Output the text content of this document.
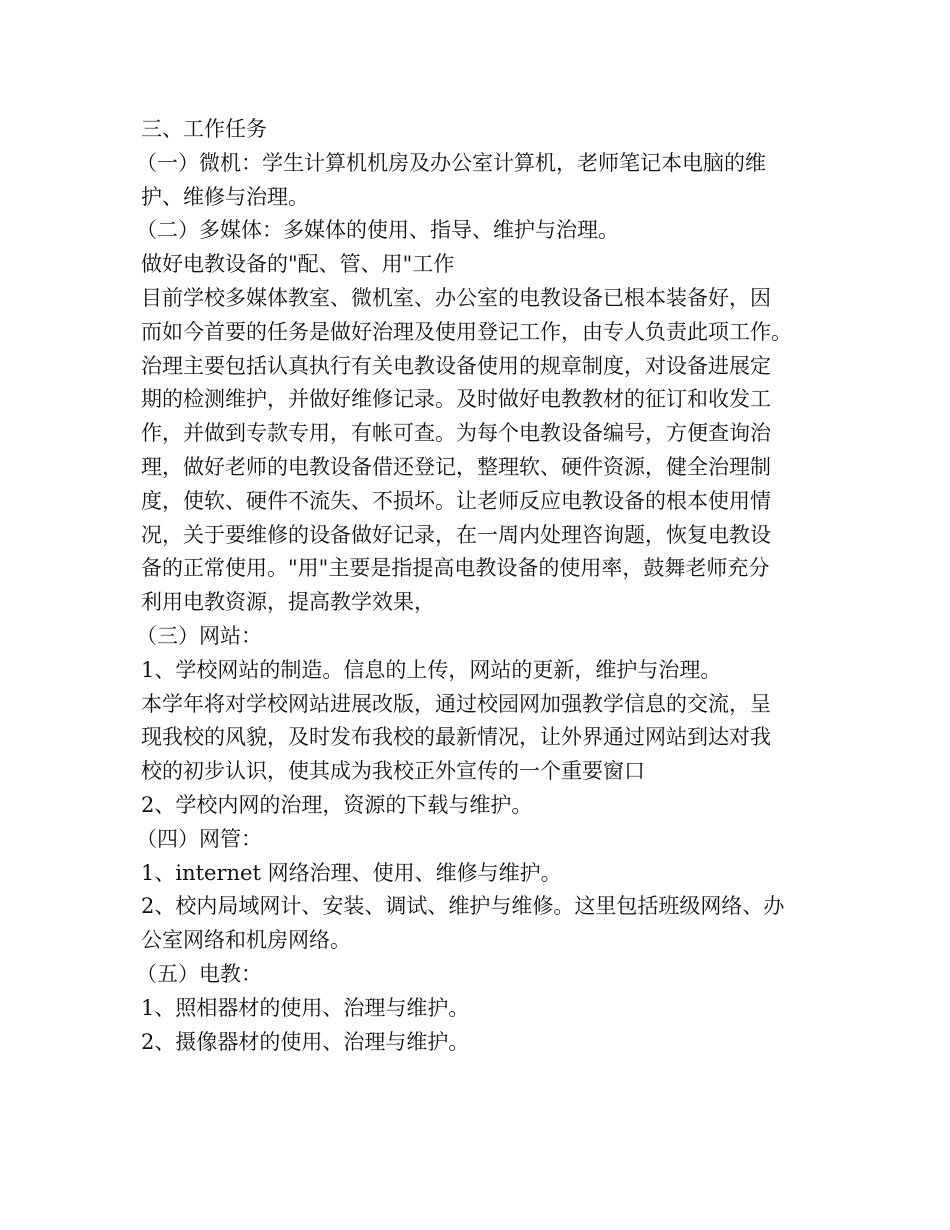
三、工作任务
（一）微机：学生计算机机房及办公室计算机，老师笔记本电脑的维
护、维修与治理。
（二）多媒体：多媒体的使用、指导、维护与治理。
做好电教设备的"配、管、用"工作
目前学校多媒体教室、微机室、办公室的电教设备已根本装备好，因
而如今首要的任务是做好治理及使用登记工作，由专人负责此项工作。
治理主要包括认真执行有关电教设备使用的规章制度，对设备进展定
期的检测维护，并做好维修记录。及时做好电教教材的征订和收发工
作，并做到专款专用，有帐可查。为每个电教设备编号，方便查询治
理，做好老师的电教设备借还登记，整理软、硬件资源，健全治理制
度，使软、硬件不流失、不损坏。让老师反应电教设备的根本使用情
况，关于要维修的设备做好记录，在一周内处理咨询题，恢复电教设
备的正常使用。"用"主要是指提高电教设备的使用率，鼓舞老师充分
利用电教资源，提高教学效果，
（三）网站：
1、学校网站的制造。信息的上传，网站的更新，维护与治理。
本学年将对学校网站进展改版，通过校园网加强教学信息的交流，呈
现我校的风貌，及时发布我校的最新情况，让外界通过网站到达对我
校的初步认识，使其成为我校正外宣传的一个重要窗口
2、学校内网的治理，资源的下载与维护。
（四）网管：
1、internet 网络治理、使用、维修与维护。
2、校内局域网计、安装、调试、维护与维修。这里包括班级网络、办
公室网络和机房网络。
（五）电教：
1、照相器材的使用、治理与维护。
2、摄像器材的使用、治理与维护。
